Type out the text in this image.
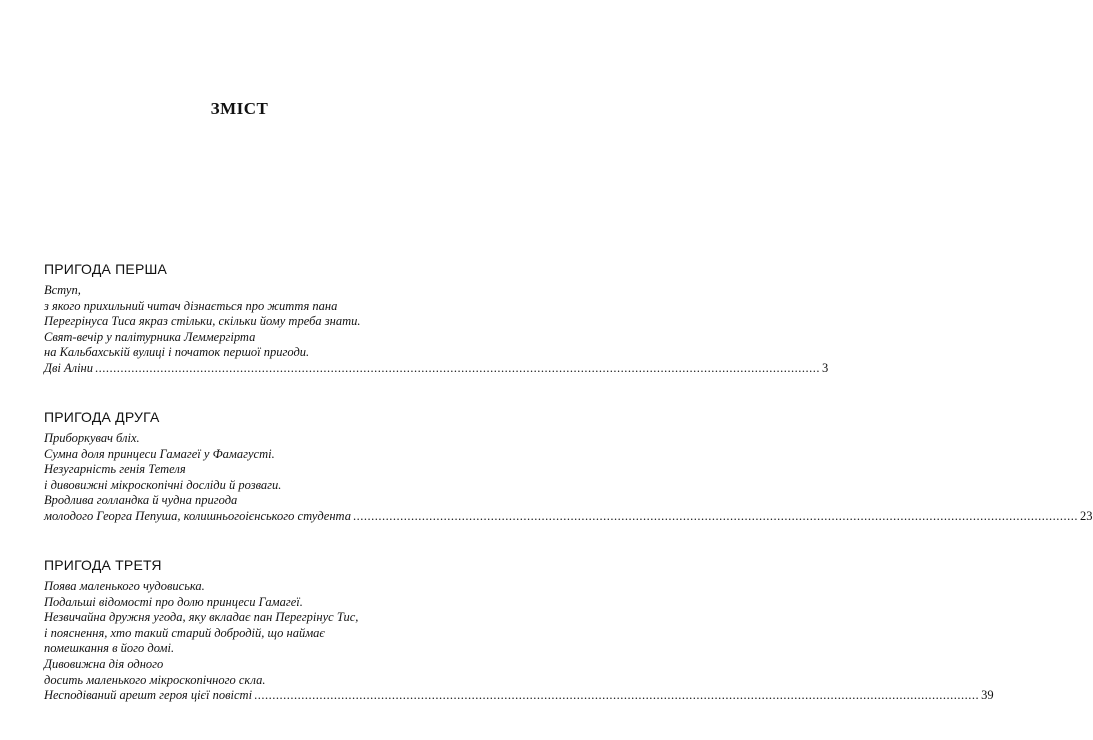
ЗМІСТ
ПРИГОДА ПЕРША
Вступ,
з якого прихильний читач дізнається про життя пана
Перегрінуса Тиса якраз стільки, скільки йому треба знати.
Свят-вечір у палітурника Леммергірта
на Кальбахській вулиці і початок першої пригоди.
Дві Аліни ........................................................................................................................................................................................................ 3
ПРИГОДА ДРУГА
Приборкувач бліх.
Сумна доля принцеси Гамагеї у Фамагусті.
Незугарність генія Тетеля
і дивовижні мікроскопічні досліди й розваги.
Вродлива голландка й чудна пригода
молодого Георга Пепуша, колишньогоієнського студента ........................................................................................................................................................................................................ 23
ПРИГОДА ТРЕТЯ
Поява маленького чудовиська.
Подальші відомості про долю принцеси Гамагеї.
Незвичайна дружня угода, яку вкладає пан Перегрінус Тис,
і пояснення, хто такий старий добродій, що наймає
помешкання в його домі.
Дивовижна дія одного
досить маленького мікроскопічного скла.
Несподіваний арешт героя цієї повісті ........................................................................................................................................................................................................ 39
